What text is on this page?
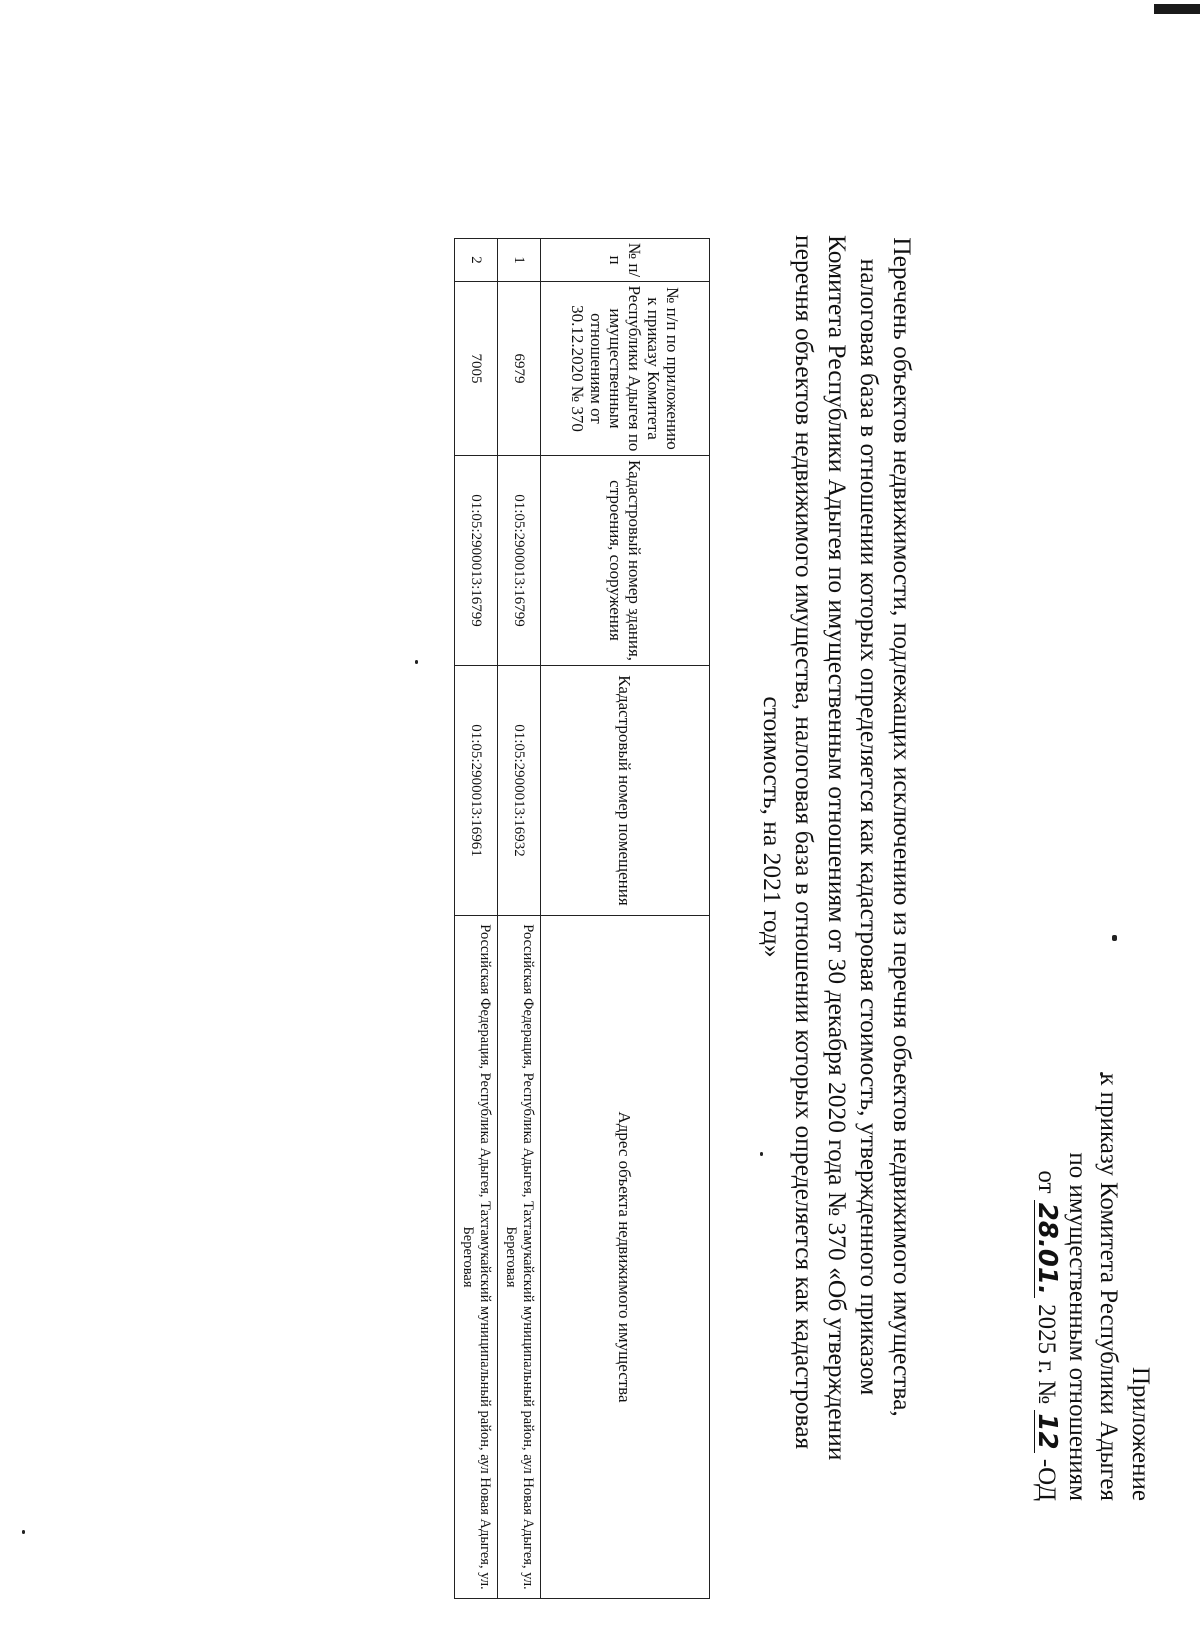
Приложение
к приказу Комитета Республики Адыгея
по имущественным отношениям
от 28.01. 2025 г. № 12 -ОД
Перечень объектов недвижимости, подлежащих исключению из перечня объектов недвижимого имущества,
налоговая база в отношении которых определяется как кадастровая стоимость, утвержденного приказом
Комитета Республики Адыгея по имущественным отношениям от 30 декабря 2020 года № 370 «Об утверждении
перечня объектов недвижимого имущества, налоговая база в отношении которых определяется как кадастровая
стоимость, на 2021 год»
№ п/п	№ п/п по приложению к приказу Комитета Республики Адыгея по имущественным отношениям от 30.12.2020 № 370	Кадастровый номер здания, строения, сооружения	Кадастровый номер помещения	Адрес объекта недвижимого имущества
1	6979	01:05:2900013:16799	01:05:2900013:16932	Российская Федерация, Республика Адыгея, Тахтамукайский муниципальный район, аул Новая Адыгея, ул. Береговая
2	7005	01:05:2900013:16799	01:05:2900013:16961	Российская Федерация, Республика Адыгея, Тахтамукайский муниципальный район, аул Новая Адыгея, ул. Береговая
